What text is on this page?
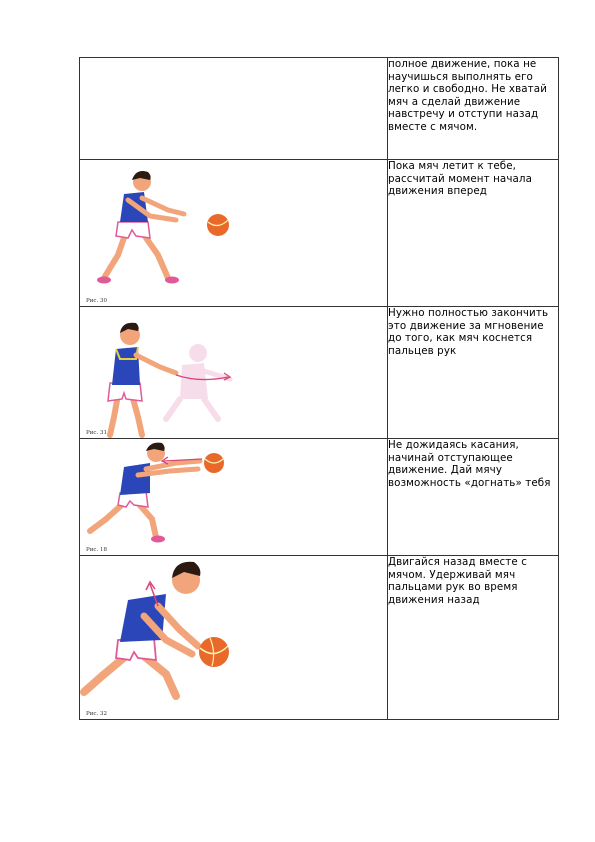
	полное движение, пока не научишься выполнять его легко и свободно. Не хватай мяч а сделай движение навстречу и отступи назад вместе с мячом.

Рис. 30	Пока мяч летит к тебе, рассчитай момент начала движения вперед

Рис. 31	Нужно полностью закончить это движение за мгновение до того, как мяч коснется пальцев рук

Рис. 18	Не дожидаясь касания, начинай отступающее движение. Дай мячу возможность «догнать» тебя

Рис. 32	Двигайся назад вместе с мячом. Удерживай мяч пальцами рук во время движения назад
